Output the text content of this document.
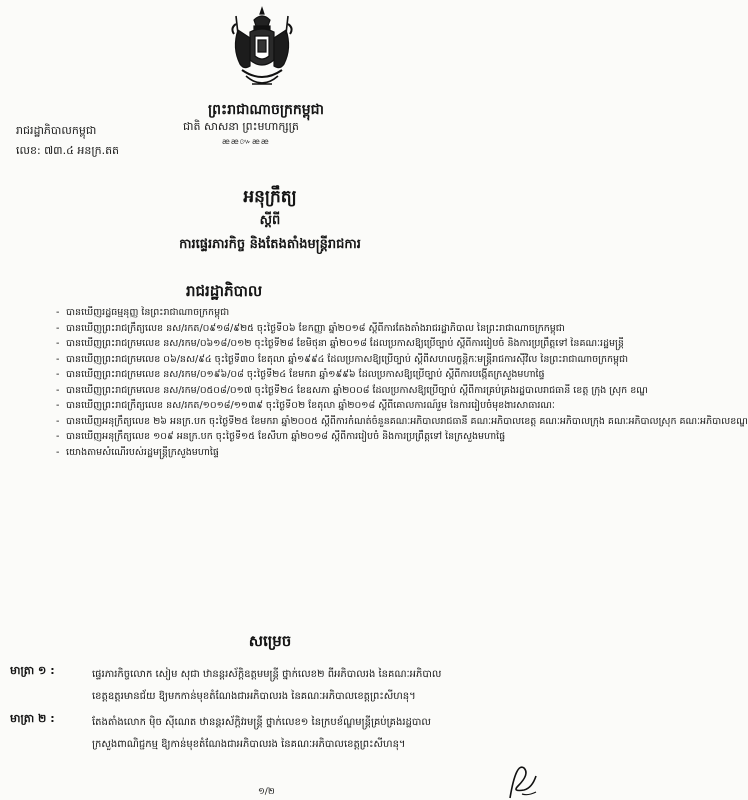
ព្រះរាជាណាចក្រកម្ពុជា
ជាតិ សាសនា ព្រះមហាក្សត្រ
ææ៚ææ
រាជរដ្ឋាភិបាលកម្ពុជា
លេខ: ៧៣.៤ អនក្រ.តត
អនុក្រឹត្យ
ស្តីពី
ការផ្ទេរភារកិច្ច និងតែងតាំងមន្ត្រីរាជការ
រាជរដ្ឋាភិបាល
- បានឃើញរដ្ឋធម្មនុញ្ញ នៃព្រះរាជាណាចក្រកម្ពុជា
- បានឃើញព្រះរាជក្រឹត្យលេខ នស/រកត/០៩១៨/៩២៥ ចុះថ្ងៃទី០៦ ខែកញ្ញា ឆ្នាំ២០១៨ ស្តីពីការតែងតាំងរាជរដ្ឋាភិបាល នៃព្រះរាជាណាចក្រកម្ពុជា
- បានឃើញព្រះរាជក្រមលេខ នស/រកម/០៦១៨/០១២ ចុះថ្ងៃទី២៨ ខែមិថុនា ឆ្នាំ២០១៨ ដែលប្រកាសឱ្យប្រើច្បាប់ ស្តីពីការរៀបចំ និងការប្រព្រឹត្តទៅ នៃគណៈរដ្ឋមន្ត្រី
- បានឃើញព្រះរាជក្រមលេខ ០៦/នស/៩៤ ចុះថ្ងៃទី៣០ ខែតុលា ឆ្នាំ១៩៩៤ ដែលប្រកាសឱ្យប្រើច្បាប់ ស្តីពីសហលក្ខន្តិកៈមន្ត្រីរាជការស៊ីវិល នៃព្រះរាជាណាចក្រកម្ពុជា
- បានឃើញព្រះរាជក្រមលេខ នស/រកម/០១៩៦/០៨ ចុះថ្ងៃទី២៤ ខែមករា ឆ្នាំ១៩៩៦ ដែលប្រកាសឱ្យប្រើច្បាប់ ស្តីពីការបង្កើតក្រសួងមហាផ្ទៃ
- បានឃើញព្រះរាជក្រមលេខ នស/រកម/០៥០៨/០១៧ ចុះថ្ងៃទី២៤ ខែឧសភា ឆ្នាំ២០០៨ ដែលប្រកាសឱ្យប្រើច្បាប់ ស្តីពីការគ្រប់គ្រងរដ្ឋបាលរាជធានី ខេត្ត ក្រុង ស្រុក ខណ្ឌ
- បានឃើញព្រះរាជក្រឹត្យលេខ នស/រកត/១០១៨/១១៣៩ ចុះថ្ងៃទី០២ ខែតុលា ឆ្នាំ២០១៨ ស្តីពីគោលការណ៍រួម នៃការរៀបចំមុខងារសាធារណៈ
- បានឃើញអនុក្រឹត្យលេខ ២៦ អនក្រ.បក ចុះថ្ងៃទី២៥ ខែមករា ឆ្នាំ២០០៥ ស្តីពីការកំណត់ចំនួនគណៈអភិបាលរាជធានី គណៈអភិបាលខេត្ត គណៈអភិបាលក្រុង គណៈអភិបាលស្រុក គណៈអភិបាលខណ្ឌ
- បានឃើញអនុក្រឹត្យលេខ ១០៩ អនក្រ.បក ចុះថ្ងៃទី១៥ ខែសីហា ឆ្នាំ២០១៨ ស្តីពីការរៀបចំ និងការប្រព្រឹត្តទៅ នៃក្រសួងមហាផ្ទៃ
- យោងតាមសំណើរបស់រដ្ឋមន្ត្រីក្រសួងមហាផ្ទៃ
សម្រេច
មាត្រា ១ :	ផ្ទេរភារកិច្ចលោក សៀម សុជា ឋានន្តរស័ក្តិឧត្តមមន្ត្រី ថ្នាក់លេខ២ ពីអភិបាលរង នៃគណៈអភិបាល
ខេត្តឧត្តរមានជ័យ ឱ្យមកកាន់មុខតំណែងជាអភិបាលរង នៃគណៈអភិបាលខេត្តព្រះសីហនុ។
មាត្រា ២ :	តែងតាំងលោក ម៉ិច ស៊ីណេត ឋានន្តរស័ក្តិវរមន្ត្រី ថ្នាក់លេខ១ នៃក្របខ័ណ្ឌមន្ត្រីគ្រប់គ្រងរដ្ឋបាល
ក្រសួងពាណិជ្ជកម្ម ឱ្យកាន់មុខតំណែងជាអភិបាលរង នៃគណៈអភិបាលខេត្តព្រះសីហនុ។
១/២
